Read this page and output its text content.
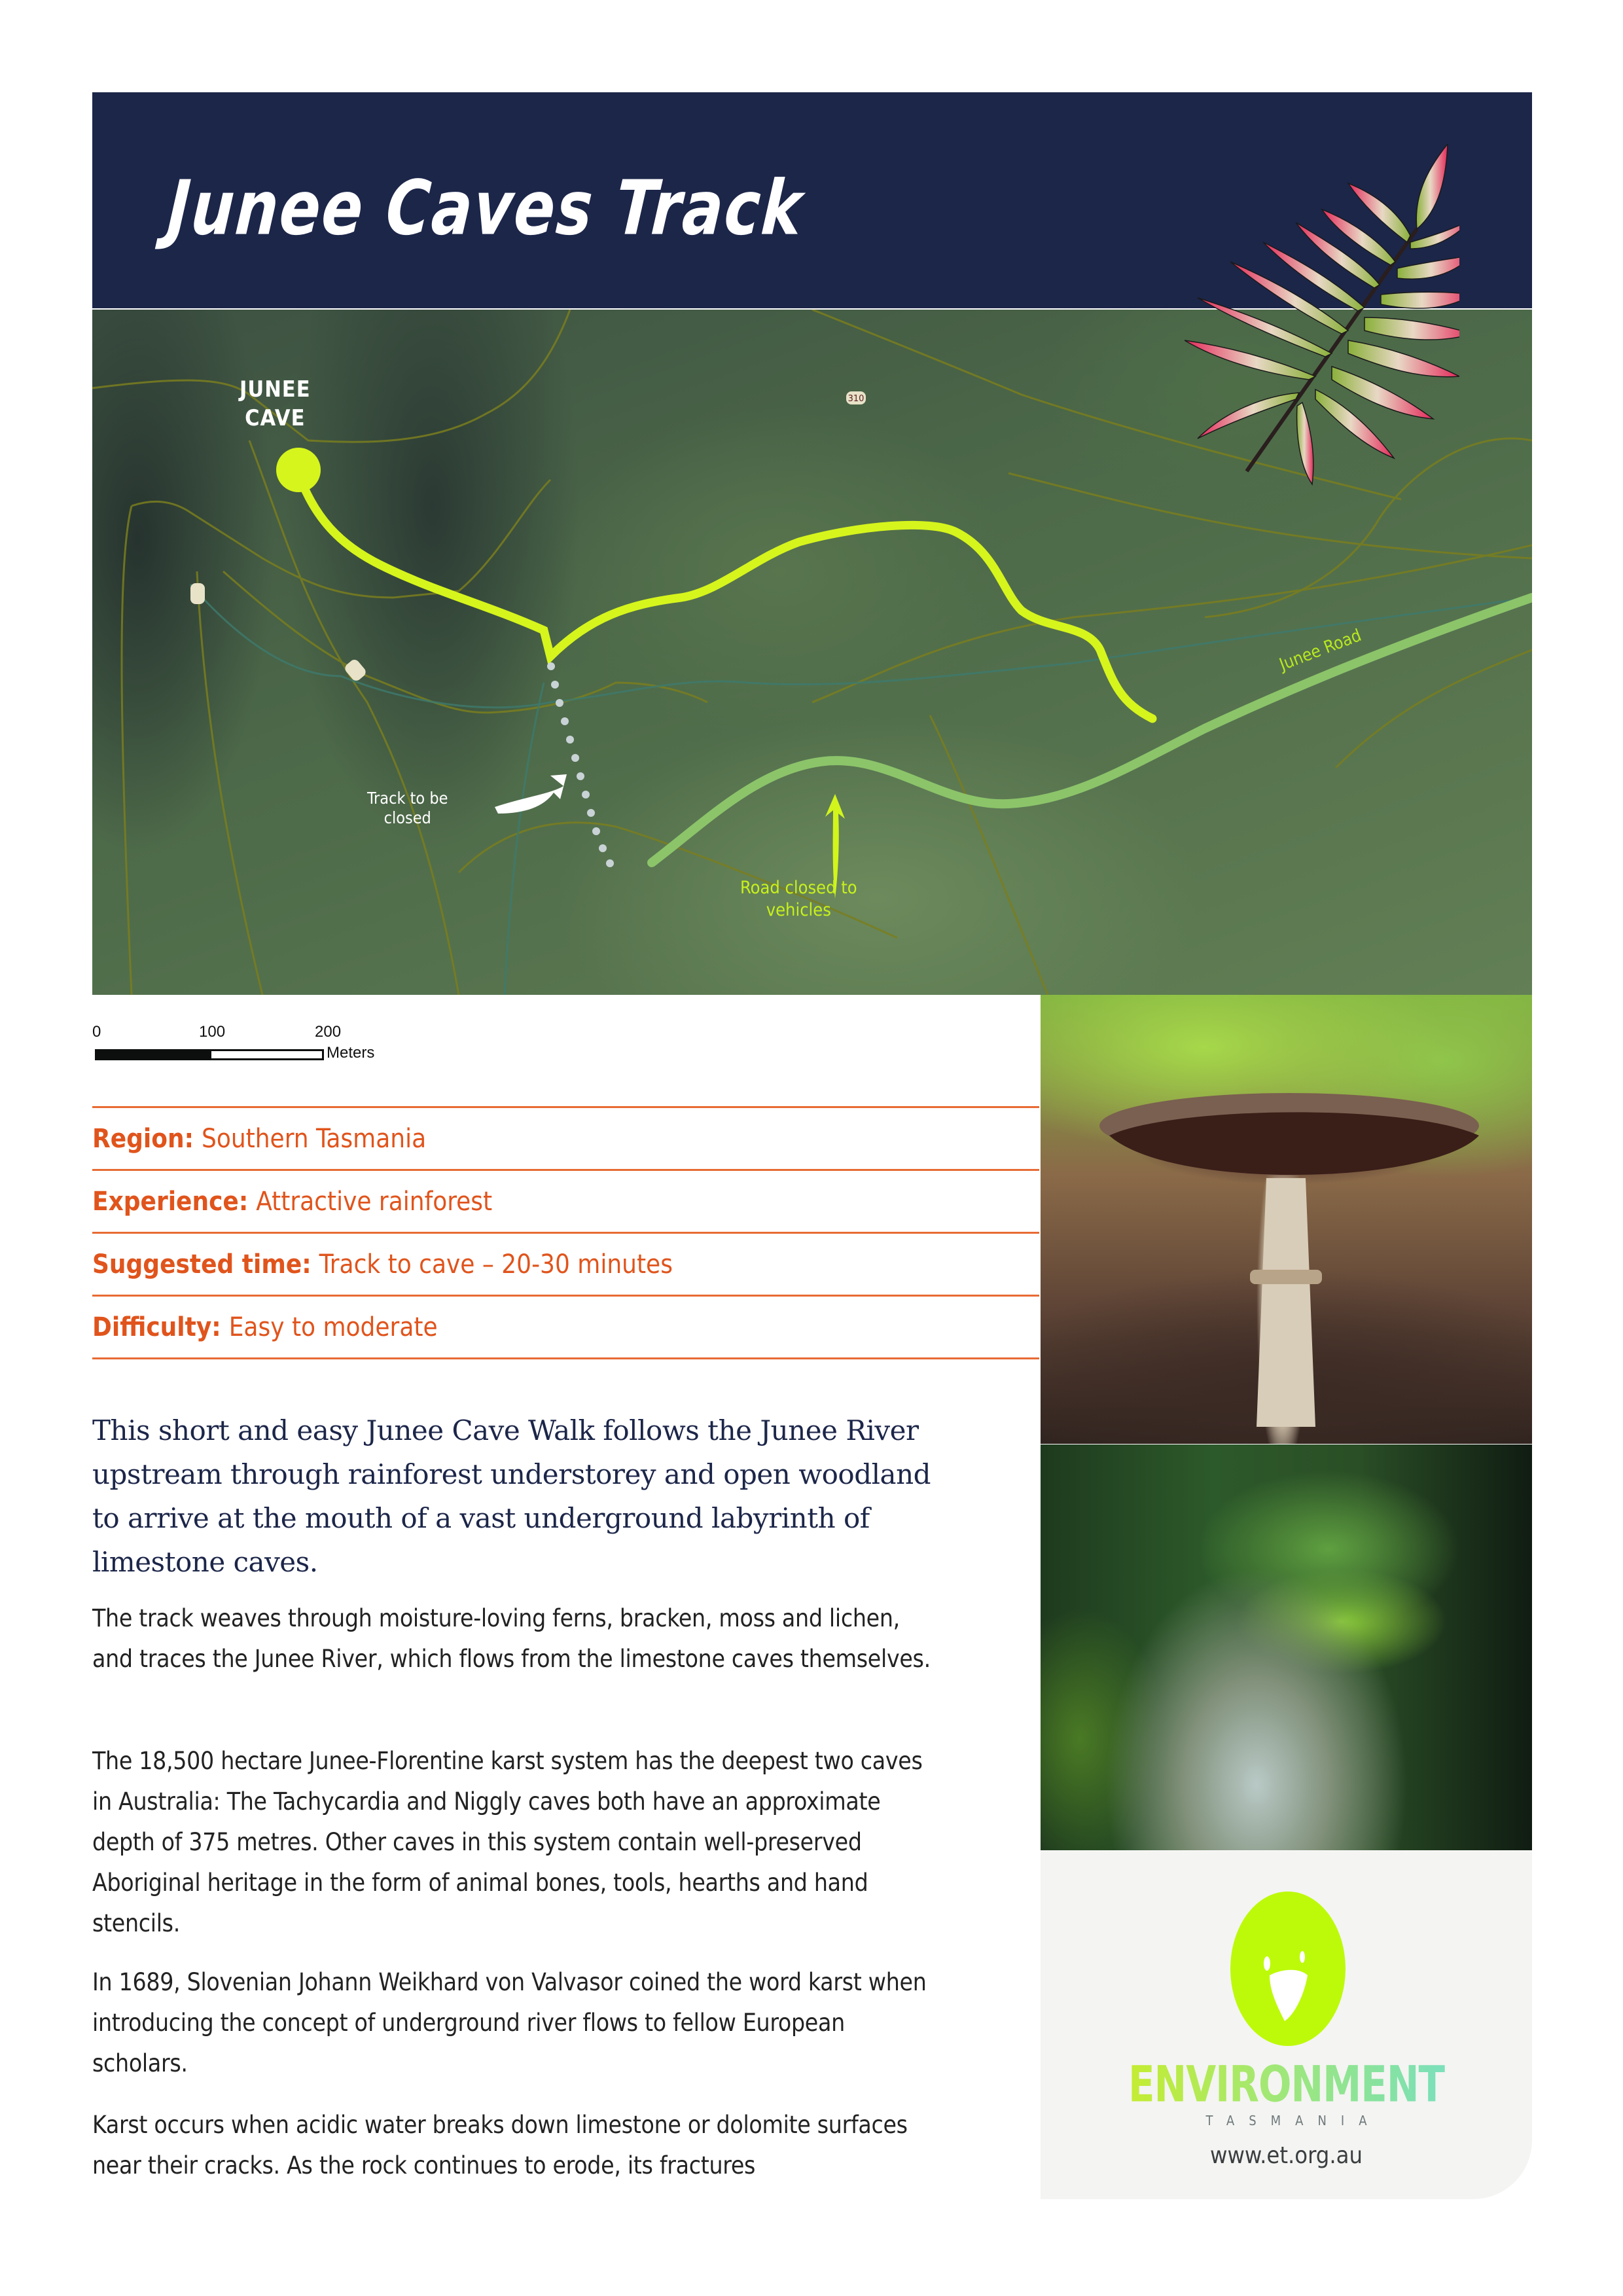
Junee Caves Track
310
JUNEE
CAVE
Track to be
closed
Road closed to
vehicles
Junee Road
0	100	200
Meters
Region: Southern Tasmania
Experience: Attractive rainforest
Suggested time: Track to cave – 20-30 minutes
Difficulty: Easy to moderate

This short and easy Junee Cave Walk follows the Junee River upstream through rainforest understorey and open woodland to arrive at the mouth of a vast underground labyrinth of limestone caves.

The track weaves through moisture-loving ferns, bracken, moss and lichen, and traces the Junee River, which flows from the limestone caves themselves.

The 18,500 hectare Junee-Florentine karst system has the deepest two caves in Australia: The Tachycardia and Niggly caves both have an approximate depth of 375 metres. Other caves in this system contain well-preserved Aboriginal heritage in the form of animal bones, tools, hearths and hand stencils.

In 1689, Slovenian Johann Weikhard von Valvasor coined the word karst when introducing the concept of underground river flows to fellow European scholars.

Karst occurs when acidic water breaks down limestone or dolomite surfaces near their cracks. As the rock continues to erode, its fractures

ENVIRONMENT
TASMANIA
www.et.org.au
